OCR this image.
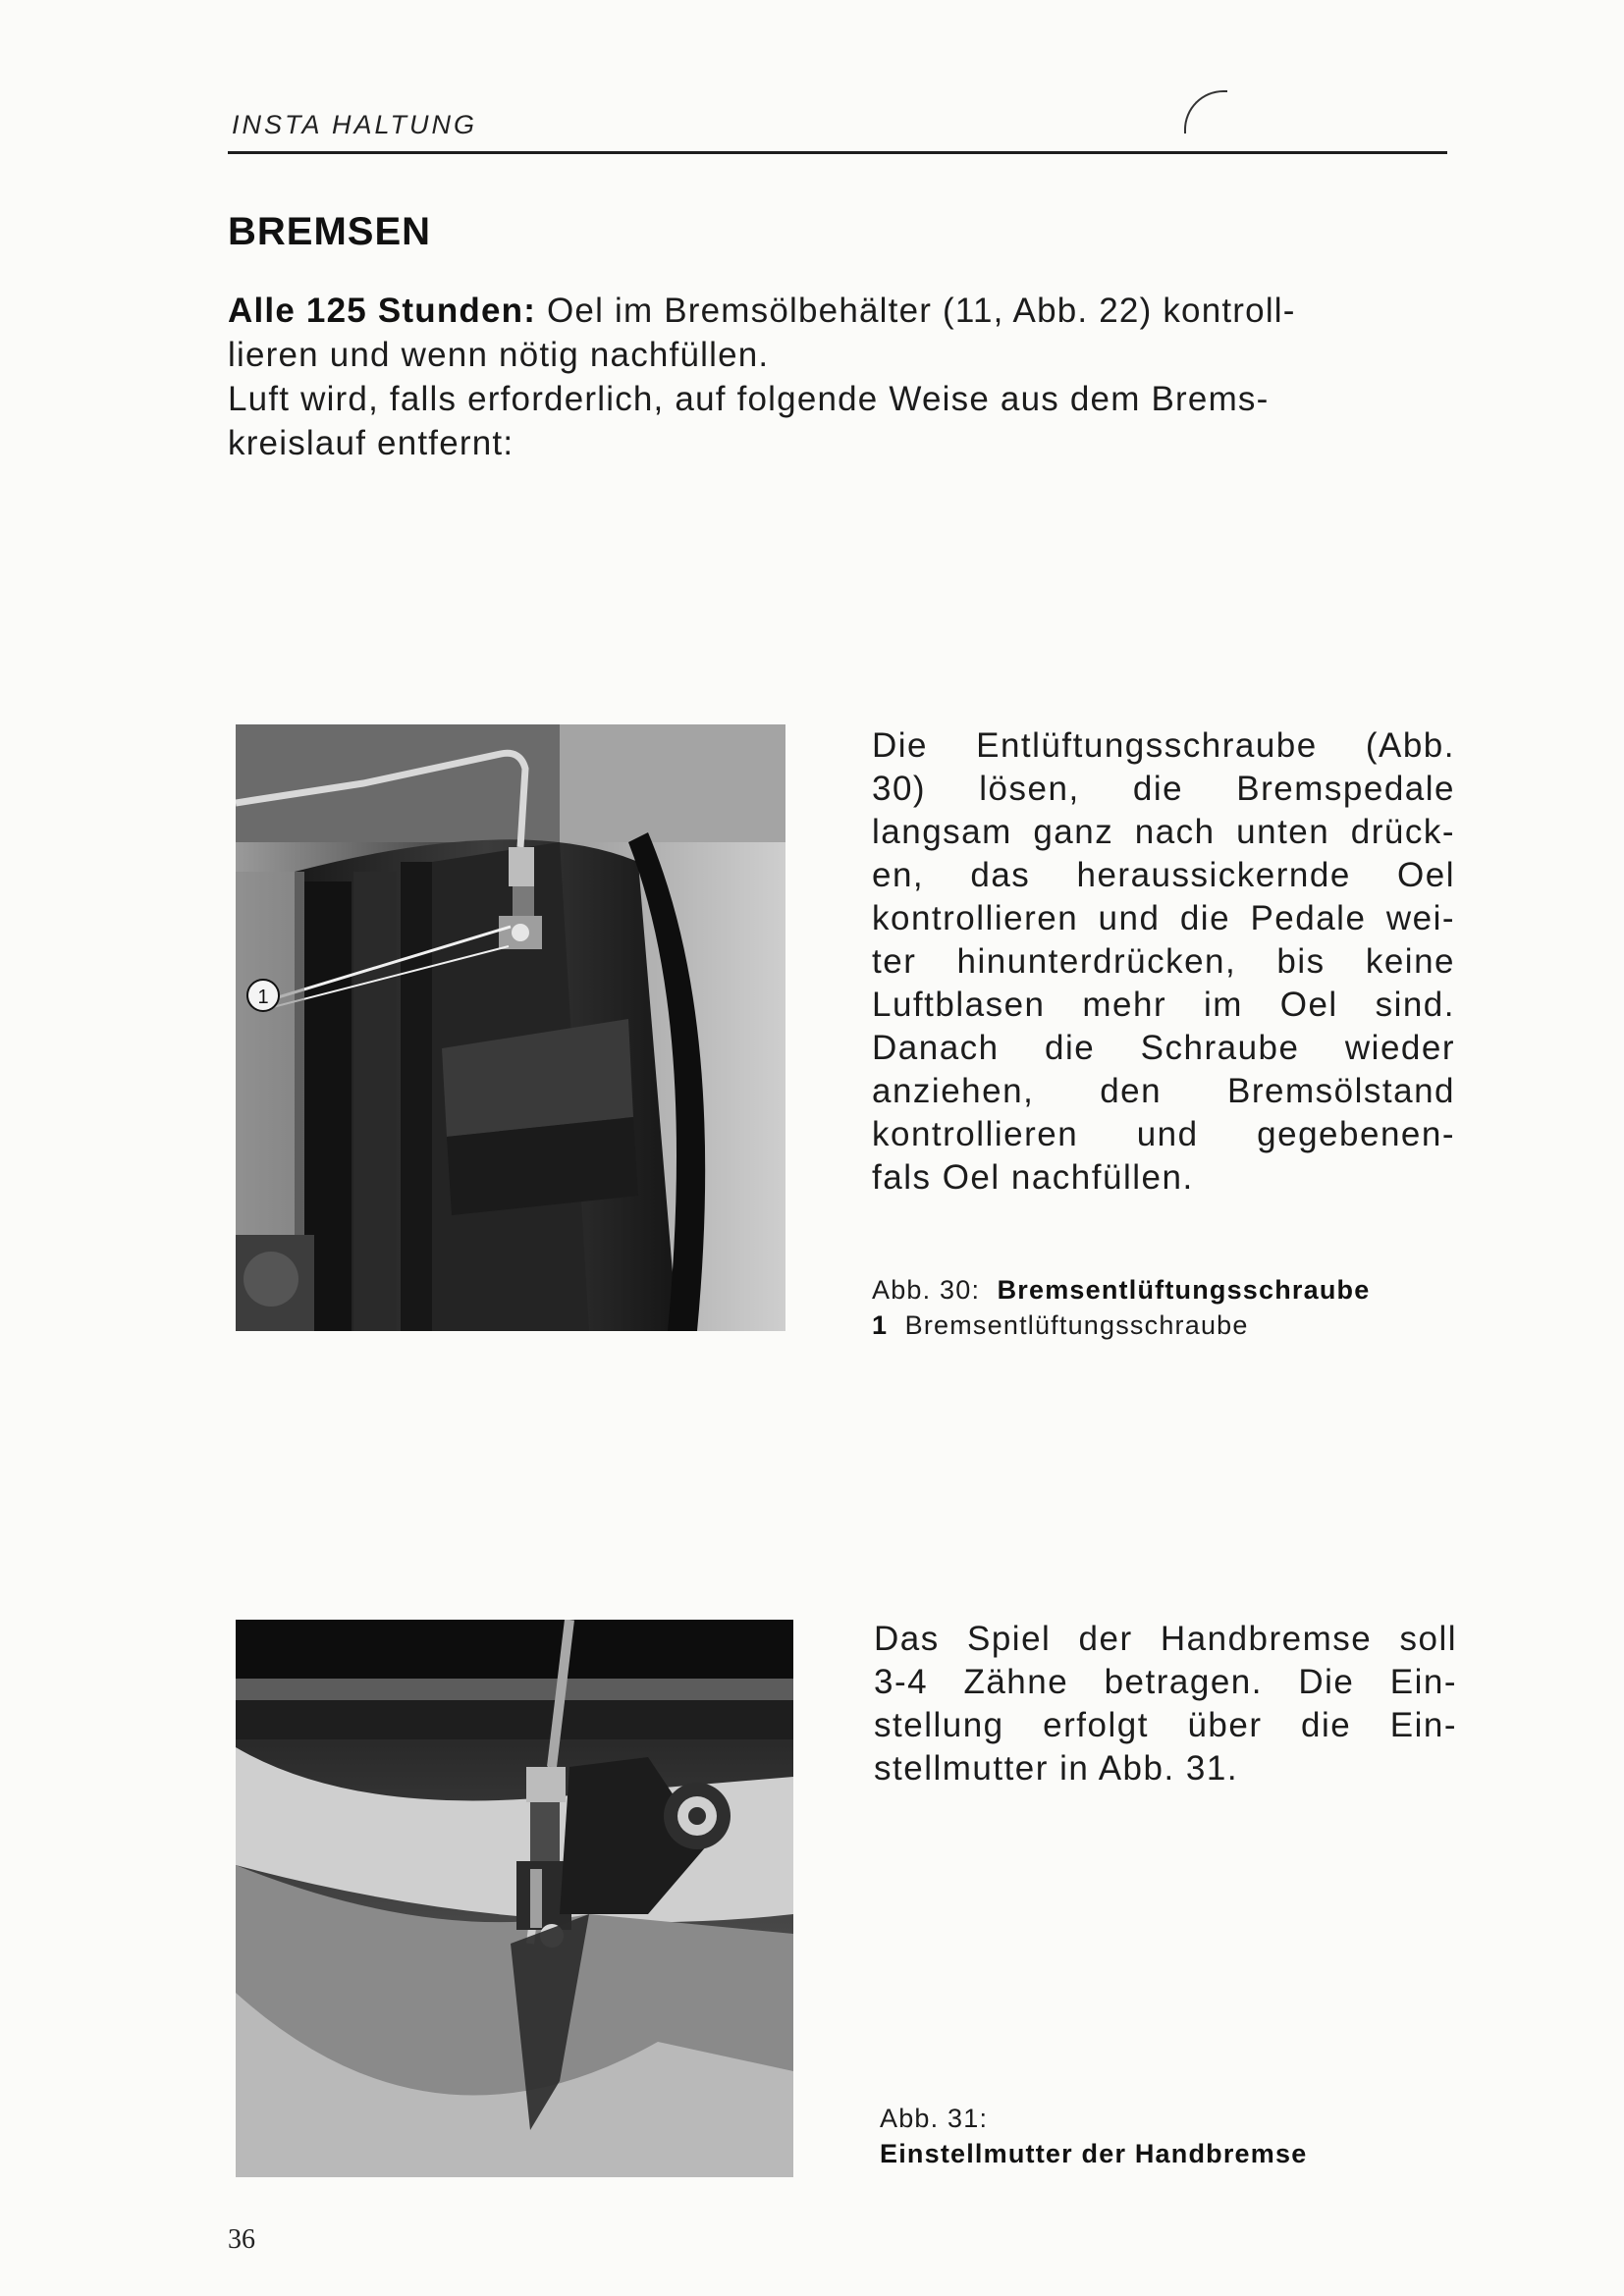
INSTA HALTUNG
BREMSEN

Alle 125 Stunden: Oel im Bremsölbehälter (11, Abb. 22) kontroll-
lieren und wenn nötig nachfüllen.
Luft wird, falls erforderlich, auf folgende Weise aus dem Brems-
kreislauf entfernt:

1

Die Entlüftungsschraube (Abb.
30) lösen, die Bremspedale
langsam ganz nach unten drück-
en, das heraussickernde Oel
kontrollieren und die Pedale wei-
ter hinunterdrücken, bis keine
Luftblasen mehr im Oel sind.
Danach die Schraube wieder
anziehen, den Bremsölstand
kontrollieren und gegebenen-
fals Oel nachfüllen.

Abb. 30: Bremsentlüftungsschraube
1 Bremsentlüftungsschraube

Das Spiel der Handbremse soll
3-4 Zähne betragen. Die Ein-
stellung erfolgt über die Ein-
stellmutter in Abb. 31.

Abb. 31:
Einstellmutter der Handbremse
36
